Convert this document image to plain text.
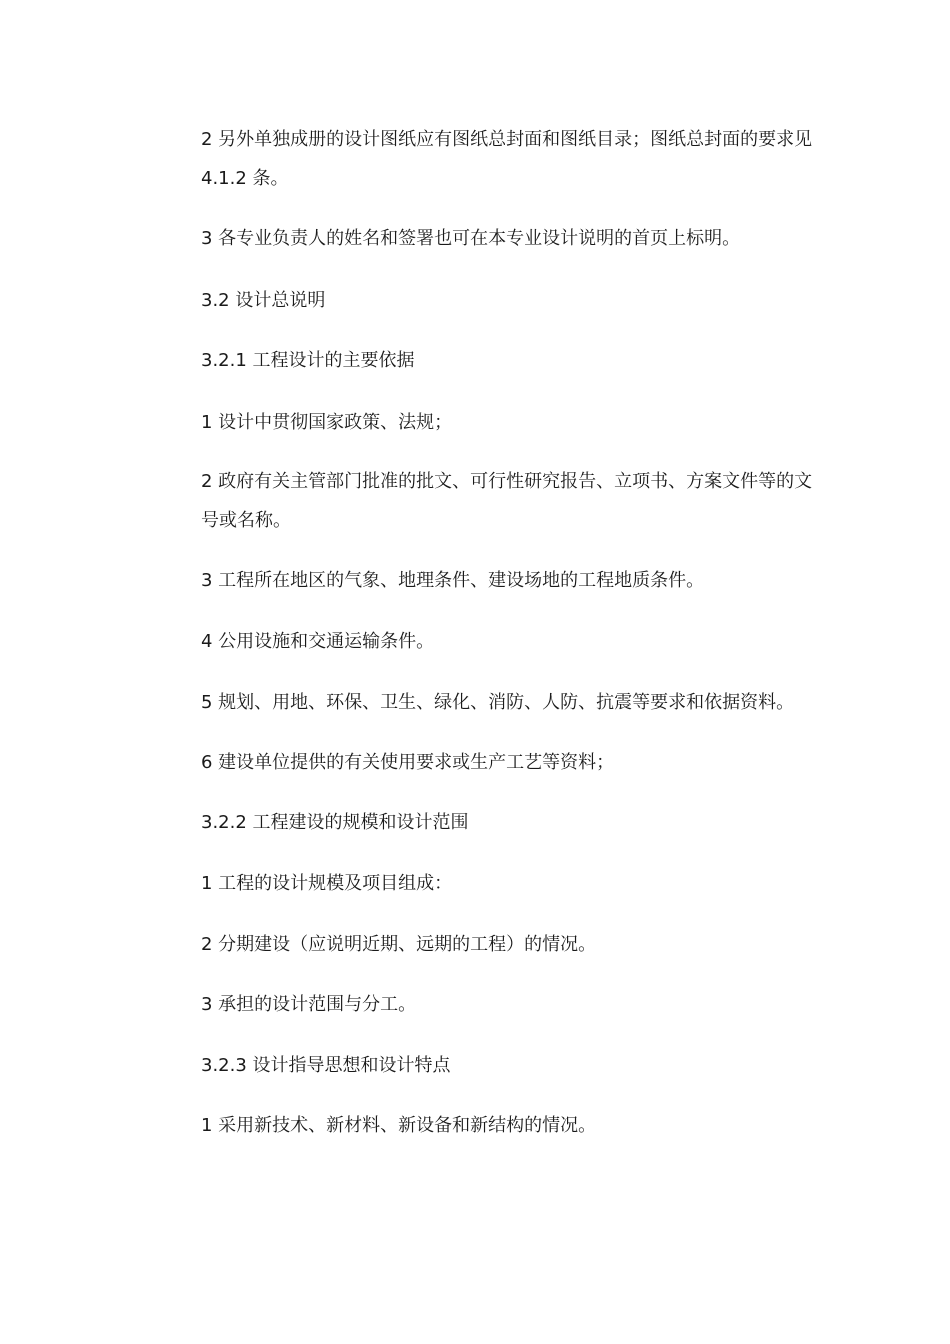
2 另外单独成册的设计图纸应有图纸总封面和图纸目录；图纸总封面的要求见 4.1.2 条。

3 各专业负责人的姓名和签署也可在本专业设计说明的首页上标明。

3.2 设计总说明

3.2.1 工程设计的主要依据

1 设计中贯彻国家政策、法规；

2 政府有关主管部门批准的批文、可行性研究报告、立项书、方案文件等的文号或名称。

3 工程所在地区的气象、地理条件、建设场地的工程地质条件。

4 公用设施和交通运输条件。

5 规划、用地、环保、卫生、绿化、消防、人防、抗震等要求和依据资料。

6 建设单位提供的有关使用要求或生产工艺等资料；

3.2.2 工程建设的规模和设计范围

1 工程的设计规模及项目组成：

2 分期建设（应说明近期、远期的工程）的情况。

3 承担的设计范围与分工。

3.2.3 设计指导思想和设计特点

1 采用新技术、新材料、新设备和新结构的情况。
